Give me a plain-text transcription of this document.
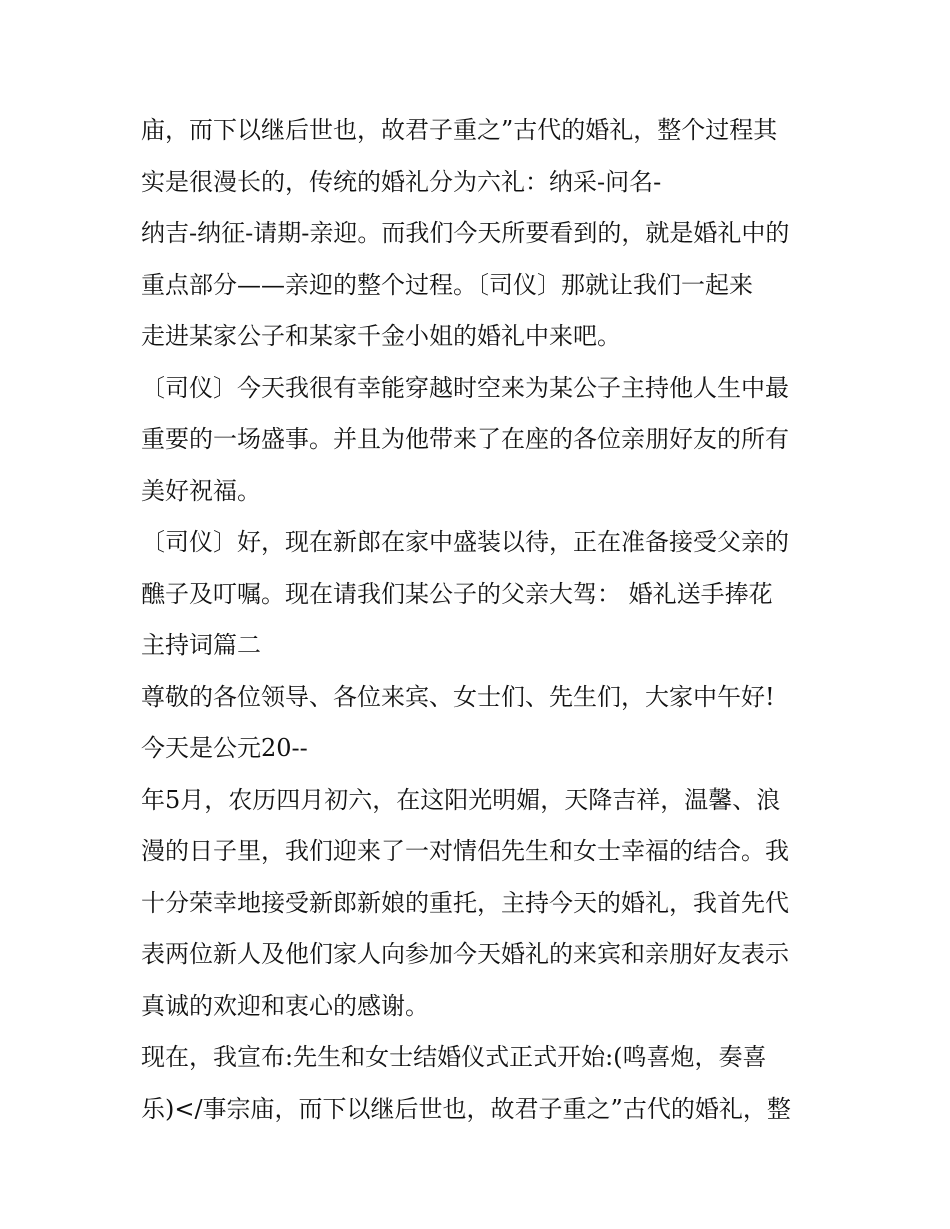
庙，而下以继后世也，故君子重之”古代的婚礼，整个过程其
实是很漫长的，传统的婚礼分为六礼：纳采-问名-
纳吉-纳征-请期-亲迎。而我们今天所要看到的，就是婚礼中的
重点部分——亲迎的整个过程。〔司仪〕那就让我们一起来
走进某家公子和某家千金小姐的婚礼中来吧。
〔司仪〕今天我很有幸能穿越时空来为某公子主持他人生中最
重要的一场盛事。并且为他带来了在座的各位亲朋好友的所有
美好祝福。
〔司仪〕好，现在新郎在家中盛装以待，正在准备接受父亲的
醮子及叮嘱。现在请我们某公子的父亲大驾： 婚礼送手捧花
主持词篇二
尊敬的各位领导、各位来宾、女士们、先生们，大家中午好!
今天是公元20--
年5月，农历四月初六，在这阳光明媚，天降吉祥，温馨、浪
漫的日子里，我们迎来了一对情侣先生和女士幸福的结合。我
十分荣幸地接受新郎新娘的重托，主持今天的婚礼，我首先代
表两位新人及他们家人向参加今天婚礼的来宾和亲朋好友表示
真诚的欢迎和衷心的感谢。
现在，我宣布:先生和女士结婚仪式正式开始:(鸣喜炮，奏喜
乐)</事宗庙，而下以继后世也，故君子重之”古代的婚礼，整
